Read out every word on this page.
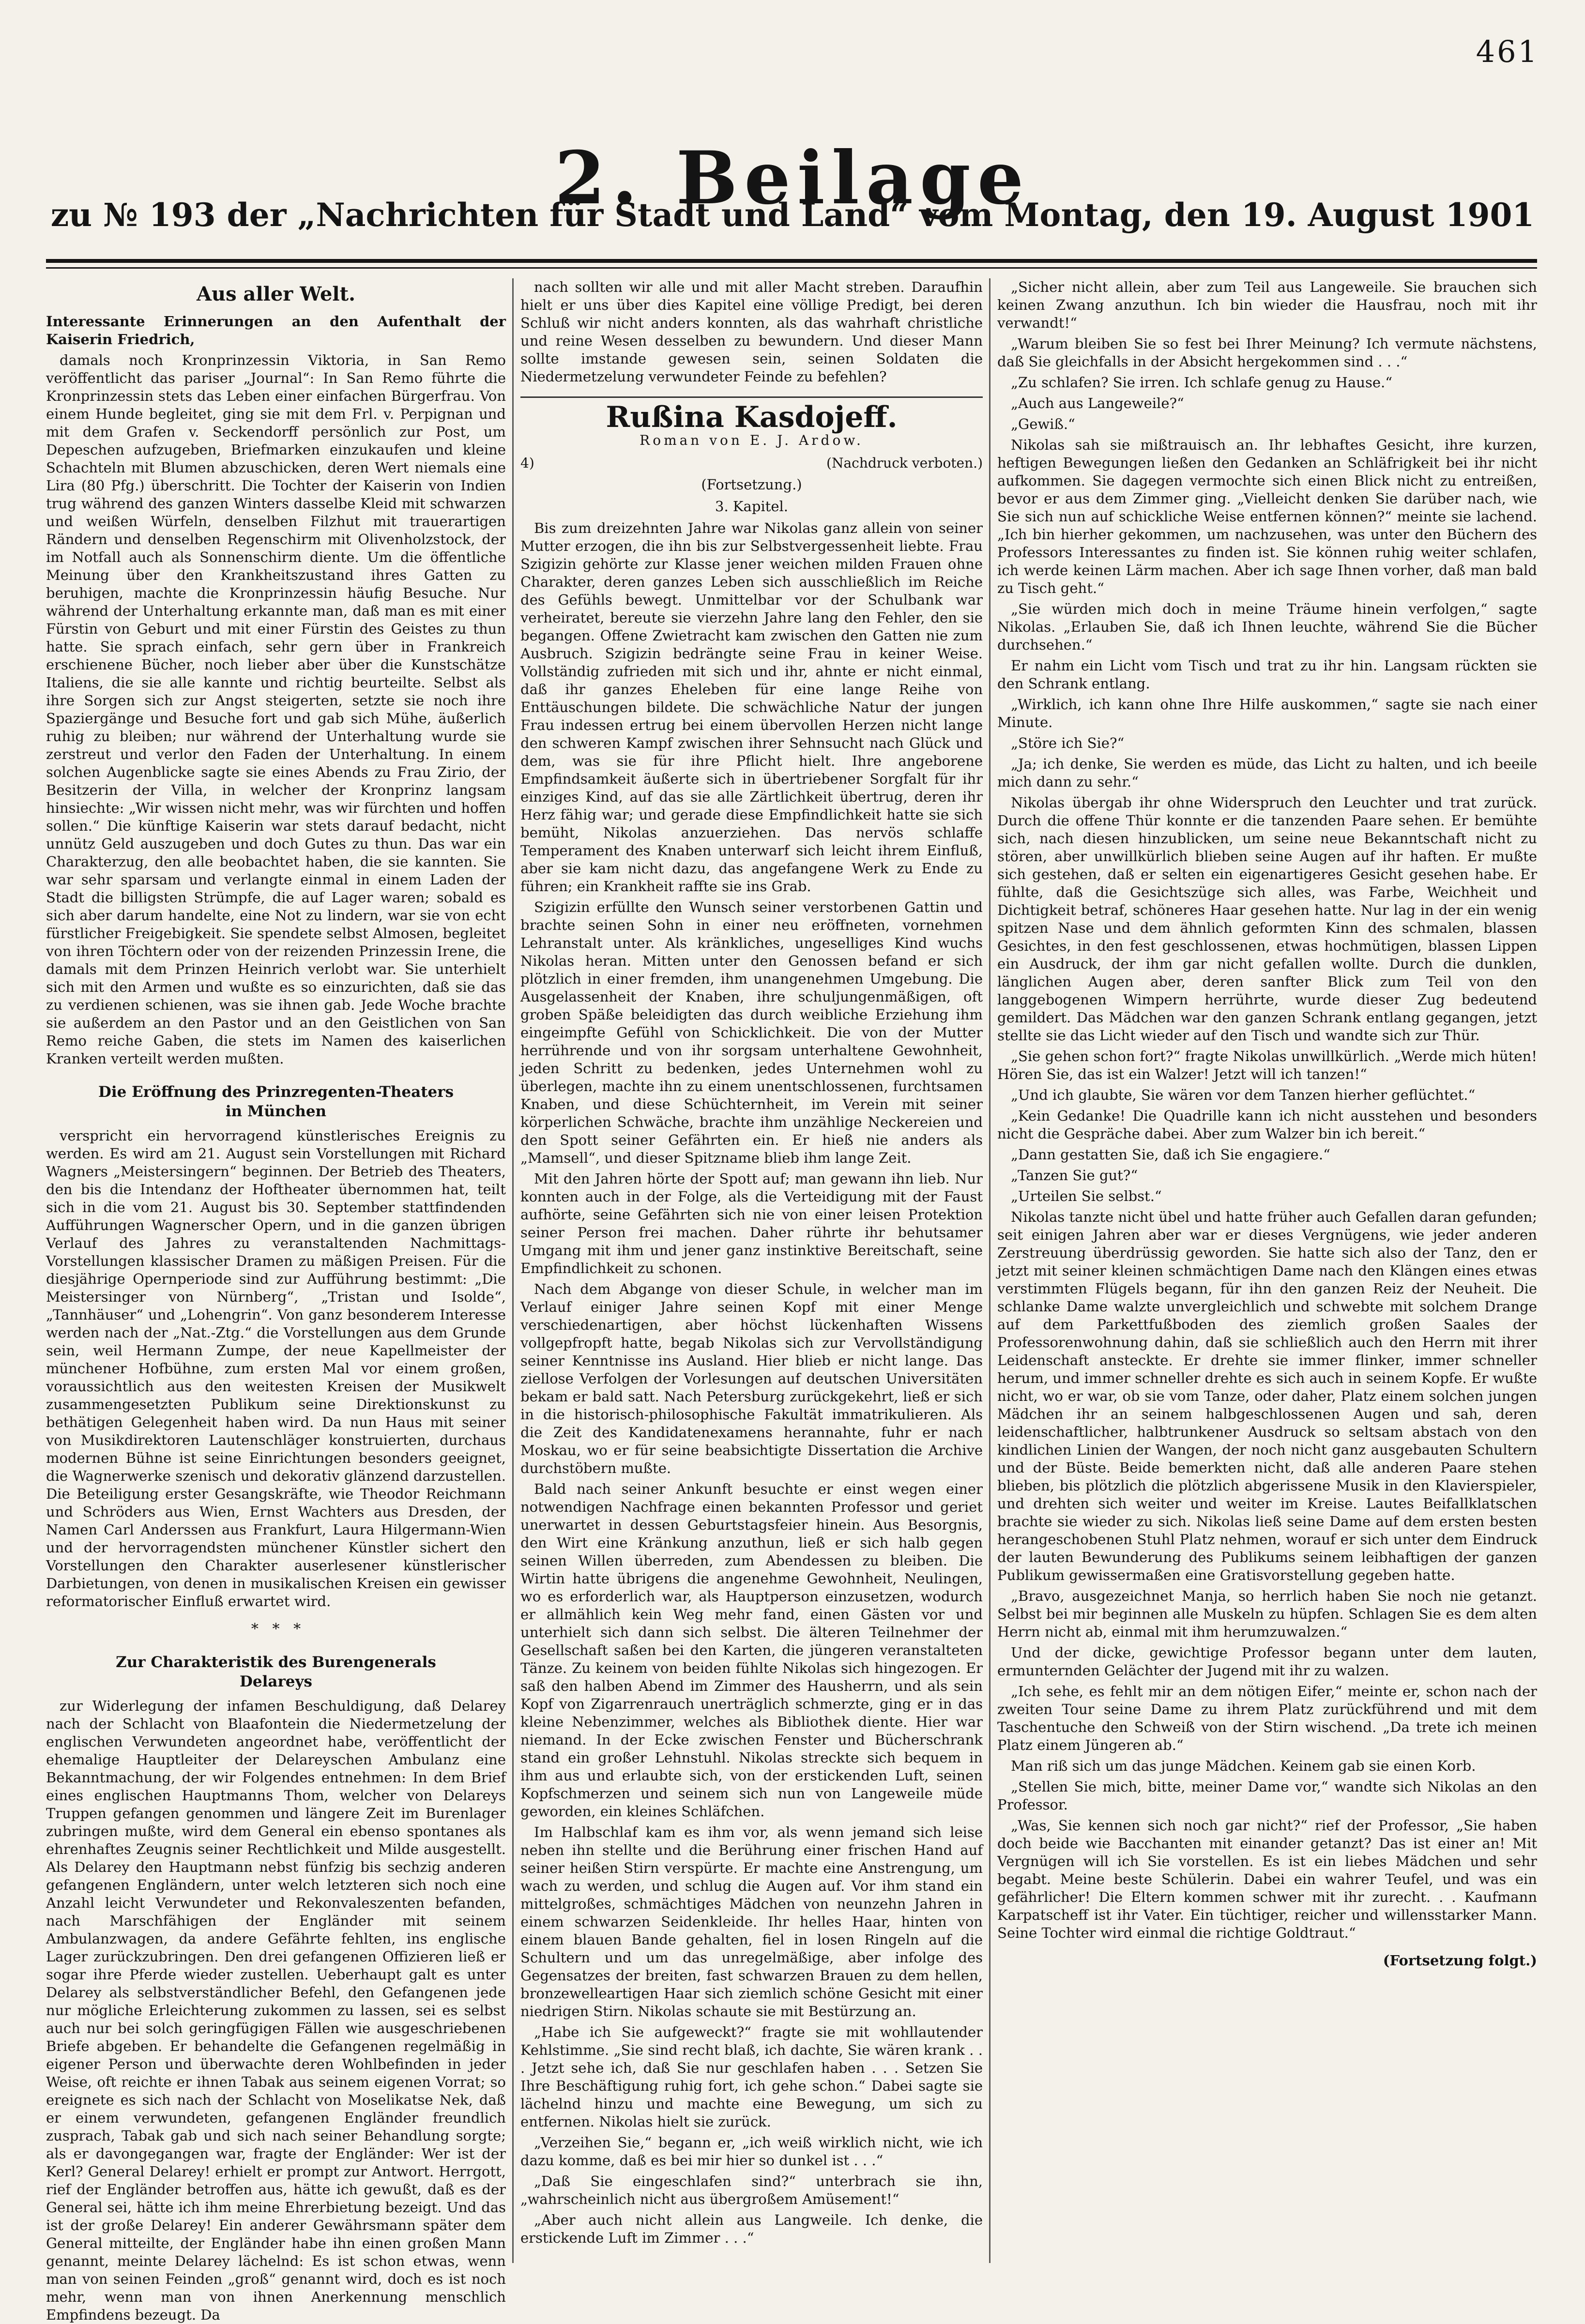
461
2. Beilage
zu № 193 der „Nachrichten für Stadt und Land“ vom Montag, den 19. August 1901
Aus aller Welt.

Interessante Erinnerungen an den Aufenthalt der Kaiserin Friedrich,

damals noch Kronprinzessin Viktoria, in San Remo veröffentlicht das pariser „Journal“: In San Remo führte die Kronprinzessin stets das Leben einer einfachen Bürgerfrau. Von einem Hunde begleitet, ging sie mit dem Frl. v. Perpignan und mit dem Grafen v. Seckendorff persönlich zur Post, um Depeschen aufzugeben, Briefmarken einzukaufen und kleine Schachteln mit Blumen abzuschicken, deren Wert niemals eine Lira (80 Pfg.) überschritt. Die Tochter der Kaiserin von Indien trug während des ganzen Winters dasselbe Kleid mit schwarzen und weißen Würfeln, denselben Filzhut mit trauerartigen Rändern und denselben Regenschirm mit Olivenholzstock, der im Notfall auch als Sonnenschirm diente. Um die öffentliche Meinung über den Krankheitszustand ihres Gatten zu beruhigen, machte die Kronprinzessin häufig Besuche. Nur während der Unterhaltung erkannte man, daß man es mit einer Fürstin von Geburt und mit einer Fürstin des Geistes zu thun hatte. Sie sprach einfach, sehr gern über in Frankreich erschienene Bücher, noch lieber aber über die Kunstschätze Italiens, die sie alle kannte und richtig beurteilte. Selbst als ihre Sorgen sich zur Angst steigerten, setzte sie noch ihre Spaziergänge und Besuche fort und gab sich Mühe, äußerlich ruhig zu bleiben; nur während der Unterhaltung wurde sie zerstreut und verlor den Faden der Unterhaltung. In einem solchen Augenblicke sagte sie eines Abends zu Frau Zirio, der Besitzerin der Villa, in welcher der Kronprinz langsam hinsiechte: „Wir wissen nicht mehr, was wir fürchten und hoffen sollen.“ Die künftige Kaiserin war stets darauf bedacht, nicht unnütz Geld auszugeben und doch Gutes zu thun. Das war ein Charakterzug, den alle beobachtet haben, die sie kannten. Sie war sehr sparsam und verlangte einmal in einem Laden der Stadt die billigsten Strümpfe, die auf Lager waren; sobald es sich aber darum handelte, eine Not zu lindern, war sie von echt fürstlicher Freigebigkeit. Sie spendete selbst Almosen, begleitet von ihren Töchtern oder von der reizenden Prinzessin Irene, die damals mit dem Prinzen Heinrich verlobt war. Sie unterhielt sich mit den Armen und wußte es so einzurichten, daß sie das zu verdienen schienen, was sie ihnen gab. Jede Woche brachte sie außerdem an den Pastor und an den Geistlichen von San Remo reiche Gaben, die stets im Namen des kaiserlichen Kranken verteilt werden mußten.

Die Eröffnung des Prinzregenten-Theaters
in München

verspricht ein hervorragend künstlerisches Ereignis zu werden. Es wird am 21. August sein Vorstellungen mit Richard Wagners „Meistersingern“ beginnen. Der Betrieb des Theaters, den bis die Intendanz der Hoftheater übernommen hat, teilt sich in die vom 21. August bis 30. September stattfindenden Aufführungen Wagnerscher Opern, und in die ganzen übrigen Verlauf des Jahres zu veranstaltenden Nachmittags-Vorstellungen klassischer Dramen zu mäßigen Preisen. Für die diesjährige Opernperiode sind zur Aufführung bestimmt: „Die Meistersinger von Nürnberg“, „Tristan und Isolde“, „Tannhäuser“ und „Lohengrin“. Von ganz besonderem Interesse werden nach der „Nat.-Ztg.“ die Vorstellungen aus dem Grunde sein, weil Hermann Zumpe, der neue Kapellmeister der münchener Hofbühne, zum ersten Mal vor einem großen, voraussichtlich aus den weitesten Kreisen der Musikwelt zusammengesetzten Publikum seine Direktionskunst zu bethätigen Gelegenheit haben wird. Da nun Haus mit seiner von Musikdirektoren Lautenschläger konstruierten, durchaus modernen Bühne ist seine Einrichtungen besonders geeignet, die Wagnerwerke szenisch und dekorativ glänzend darzustellen. Die Beteiligung erster Gesangskräfte, wie Theodor Reichmann und Schröders aus Wien, Ernst Wachters aus Dresden, der Namen Carl Anderssen aus Frankfurt, Laura Hilgermann-Wien und der hervorragendsten münchener Künstler sichert den Vorstellungen den Charakter auserlesener künstlerischer Darbietungen, von denen in musikalischen Kreisen ein gewisser reformatorischer Einfluß erwartet wird.

*   *   *
Zur Charakteristik des Burengenerals
Delareys

zur Widerlegung der infamen Beschuldigung, daß Delarey nach der Schlacht von Blaafontein die Niedermetzelung der englischen Verwundeten angeordnet habe, veröffentlicht der ehemalige Hauptleiter der Delareyschen Ambulanz eine Bekanntmachung, der wir Folgendes entnehmen: In dem Brief eines englischen Hauptmanns Thom, welcher von Delareys Truppen gefangen genommen und längere Zeit im Burenlager zubringen mußte, wird dem General ein ebenso spontanes als ehrenhaftes Zeugnis seiner Rechtlichkeit und Milde ausgestellt. Als Delarey den Hauptmann nebst fünfzig bis sechzig anderen gefangenen Engländern, unter welch letzteren sich noch eine Anzahl leicht Verwundeter und Rekonvaleszenten befanden, nach Marschfähigen der Engländer mit seinem Ambulanzwagen, da andere Gefährte fehlten, ins englische Lager zurückzubringen. Den drei gefangenen Offizieren ließ er sogar ihre Pferde wieder zustellen. Ueberhaupt galt es unter Delarey als selbstverständlicher Befehl, den Gefangenen jede nur mögliche Erleichterung zukommen zu lassen, sei es selbst auch nur bei solch geringfügigen Fällen wie ausgeschriebenen Briefe abgeben. Er behandelte die Gefangenen regelmäßig in eigener Person und überwachte deren Wohlbefinden in jeder Weise, oft reichte er ihnen Tabak aus seinem eigenen Vorrat; so ereignete es sich nach der Schlacht von Moselikatse Nek, daß er einem verwundeten, gefangenen Engländer freundlich zusprach, Tabak gab und sich nach seiner Behandlung sorgte; als er davongegangen war, fragte der Engländer: Wer ist der Kerl? General Delarey! erhielt er prompt zur Antwort. Herrgott, rief der Engländer betroffen aus, hätte ich gewußt, daß es der General sei, hätte ich ihm meine Ehrerbietung bezeigt. Und das ist der große Delarey! Ein anderer Gewährsmann später dem General mitteilte, der Engländer habe ihn einen großen Mann genannt, meinte Delarey lächelnd: Es ist schon etwas, wenn man von seinen Feinden „groß“ genannt wird, doch es ist noch mehr, wenn man von ihnen Anerkennung menschlich Empfindens bezeugt. Da

nach sollten wir alle und mit aller Macht streben. Daraufhin hielt er uns über dies Kapitel eine völlige Predigt, bei deren Schluß wir nicht anders konnten, als das wahrhaft christliche und reine Wesen desselben zu bewundern. Und dieser Mann sollte imstande gewesen sein, seinen Soldaten die Niedermetzelung verwundeter Feinde zu befehlen?

Rußina Kasdojeff.
Roman von E. J. Ardow.
4)	(Nachdruck verboten.)
(Fortsetzung.)
3. Kapitel.

Bis zum dreizehnten Jahre war Nikolas ganz allein von seiner Mutter erzogen, die ihn bis zur Selbstvergessenheit liebte. Frau Szigizin gehörte zur Klasse jener weichen milden Frauen ohne Charakter, deren ganzes Leben sich ausschließlich im Reiche des Gefühls bewegt. Unmittelbar vor der Schulbank war verheiratet, bereute sie vierzehn Jahre lang den Fehler, den sie begangen. Offene Zwietracht kam zwischen den Gatten nie zum Ausbruch. Szigizin bedrängte seine Frau in keiner Weise. Vollständig zufrieden mit sich und ihr, ahnte er nicht einmal, daß ihr ganzes Eheleben für eine lange Reihe von Enttäuschungen bildete. Die schwächliche Natur der jungen Frau indessen ertrug bei einem übervollen Herzen nicht lange den schweren Kampf zwischen ihrer Sehnsucht nach Glück und dem, was sie für ihre Pflicht hielt. Ihre angeborene Empfindsamkeit äußerte sich in übertriebener Sorgfalt für ihr einziges Kind, auf das sie alle Zärtlichkeit übertrug, deren ihr Herz fähig war; und gerade diese Empfindlichkeit hatte sie sich bemüht, Nikolas anzuerziehen. Das nervös schlaffe Temperament des Knaben unterwarf sich leicht ihrem Einfluß, aber sie kam nicht dazu, das angefangene Werk zu Ende zu führen; ein Krankheit raffte sie ins Grab.

Szigizin erfüllte den Wunsch seiner verstorbenen Gattin und brachte seinen Sohn in einer neu eröffneten, vornehmen Lehranstalt unter. Als kränkliches, ungeselliges Kind wuchs Nikolas heran. Mitten unter den Genossen befand er sich plötzlich in einer fremden, ihm unangenehmen Umgebung. Die Ausgelassenheit der Knaben, ihre schuljungenmäßigen, oft groben Späße beleidigten das durch weibliche Erziehung ihm eingeimpfte Gefühl von Schicklichkeit. Die von der Mutter herrührende und von ihr sorgsam unterhaltene Gewohnheit, jeden Schritt zu bedenken, jedes Unternehmen wohl zu überlegen, machte ihn zu einem unentschlossenen, furchtsamen Knaben, und diese Schüchternheit, im Verein mit seiner körperlichen Schwäche, brachte ihm unzählige Neckereien und den Spott seiner Gefährten ein. Er hieß nie anders als „Mamsell“, und dieser Spitzname blieb ihm lange Zeit.

Mit den Jahren hörte der Spott auf; man gewann ihn lieb. Nur konnten auch in der Folge, als die Verteidigung mit der Faust aufhörte, seine Gefährten sich nie von einer leisen Protektion seiner Person frei machen. Daher rührte ihr behutsamer Umgang mit ihm und jener ganz instinktive Bereitschaft, seine Empfindlichkeit zu schonen.

Nach dem Abgange von dieser Schule, in welcher man im Verlauf einiger Jahre seinen Kopf mit einer Menge verschiedenartigen, aber höchst lückenhaften Wissens vollgepfropft hatte, begab Nikolas sich zur Vervollständigung seiner Kenntnisse ins Ausland. Hier blieb er nicht lange. Das ziellose Verfolgen der Vorlesungen auf deutschen Universitäten bekam er bald satt. Nach Petersburg zurückgekehrt, ließ er sich in die historisch-philosophische Fakultät immatrikulieren. Als die Zeit des Kandidatenexamens herannahte, fuhr er nach Moskau, wo er für seine beabsichtigte Dissertation die Archive durchstöbern mußte.

Bald nach seiner Ankunft besuchte er einst wegen einer notwendigen Nachfrage einen bekannten Professor und geriet unerwartet in dessen Geburtstagsfeier hinein. Aus Besorgnis, den Wirt eine Kränkung anzuthun, ließ er sich halb gegen seinen Willen überreden, zum Abendessen zu bleiben. Die Wirtin hatte übrigens die angenehme Gewohnheit, Neulingen, wo es erforderlich war, als Hauptperson einzusetzen, wodurch er allmählich kein Weg mehr fand, einen Gästen vor und unterhielt sich dann sich selbst. Die älteren Teilnehmer der Gesellschaft saßen bei den Karten, die jüngeren veranstalteten Tänze. Zu keinem von beiden fühlte Nikolas sich hingezogen. Er saß den halben Abend im Zimmer des Hausherrn, und als sein Kopf von Zigarrenrauch unerträglich schmerzte, ging er in das kleine Nebenzimmer, welches als Bibliothek diente. Hier war niemand. In der Ecke zwischen Fenster und Bücherschrank stand ein großer Lehnstuhl. Nikolas streckte sich bequem in ihm aus und erlaubte sich, von der erstickenden Luft, seinen Kopfschmerzen und seinem sich nun von Langeweile müde geworden, ein kleines Schläfchen.

Im Halbschlaf kam es ihm vor, als wenn jemand sich leise neben ihn stellte und die Berührung einer frischen Hand auf seiner heißen Stirn verspürte. Er machte eine Anstrengung, um wach zu werden, und schlug die Augen auf. Vor ihm stand ein mittelgroßes, schmächtiges Mädchen von neunzehn Jahren in einem schwarzen Seidenkleide. Ihr helles Haar, hinten von einem blauen Bande gehalten, fiel in losen Ringeln auf die Schultern und um das unregelmäßige, aber infolge des Gegensatzes der breiten, fast schwarzen Brauen zu dem hellen, bronzewelleartigen Haar sich ziemlich schöne Gesicht mit einer niedrigen Stirn. Nikolas schaute sie mit Bestürzung an.

„Habe ich Sie aufgeweckt?“ fragte sie mit wohllautender Kehlstimme. „Sie sind recht blaß, ich dachte, Sie wären krank . . . Jetzt sehe ich, daß Sie nur geschlafen haben . . . Setzen Sie Ihre Beschäftigung ruhig fort, ich gehe schon.“ Dabei sagte sie lächelnd hinzu und machte eine Bewegung, um sich zu entfernen. Nikolas hielt sie zurück.

„Verzeihen Sie,“ begann er, „ich weiß wirklich nicht, wie ich dazu komme, daß es bei mir hier so dunkel ist . . .“

„Daß Sie eingeschlafen sind?“ unterbrach sie ihn, „wahrscheinlich nicht aus übergroßem Amüsement!“

„Aber auch nicht allein aus Langweile. Ich denke, die erstickende Luft im Zimmer . . .“

„Sicher nicht allein, aber zum Teil aus Langeweile. Sie brauchen sich keinen Zwang anzuthun. Ich bin wieder die Hausfrau, noch mit ihr verwandt!“

„Warum bleiben Sie so fest bei Ihrer Meinung? Ich vermute nächstens, daß Sie gleichfalls in der Absicht hergekommen sind . . .“

„Zu schlafen? Sie irren. Ich schlafe genug zu Hause.“

„Auch aus Langeweile?“

„Gewiß.“

Nikolas sah sie mißtrauisch an. Ihr lebhaftes Gesicht, ihre kurzen, heftigen Bewegungen ließen den Gedanken an Schläfrigkeit bei ihr nicht aufkommen. Sie dagegen vermochte sich einen Blick nicht zu entreißen, bevor er aus dem Zimmer ging. „Vielleicht denken Sie darüber nach, wie Sie sich nun auf schickliche Weise entfernen können?“ meinte sie lachend. „Ich bin hierher gekommen, um nachzusehen, was unter den Büchern des Professors Interessantes zu finden ist. Sie können ruhig weiter schlafen, ich werde keinen Lärm machen. Aber ich sage Ihnen vorher, daß man bald zu Tisch geht.“

„Sie würden mich doch in meine Träume hinein verfolgen,“ sagte Nikolas. „Erlauben Sie, daß ich Ihnen leuchte, während Sie die Bücher durchsehen.“

Er nahm ein Licht vom Tisch und trat zu ihr hin. Langsam rückten sie den Schrank entlang.

„Wirklich, ich kann ohne Ihre Hilfe auskommen,“ sagte sie nach einer Minute.

„Störe ich Sie?“

„Ja; ich denke, Sie werden es müde, das Licht zu halten, und ich beeile mich dann zu sehr.“

Nikolas übergab ihr ohne Widerspruch den Leuchter und trat zurück. Durch die offene Thür konnte er die tanzenden Paare sehen. Er bemühte sich, nach diesen hinzublicken, um seine neue Bekanntschaft nicht zu stören, aber unwillkürlich blieben seine Augen auf ihr haften. Er mußte sich gestehen, daß er selten ein eigenartigeres Gesicht gesehen habe. Er fühlte, daß die Gesichtszüge sich alles, was Farbe, Weichheit und Dichtigkeit betraf, schöneres Haar gesehen hatte. Nur lag in der ein wenig spitzen Nase und dem ähnlich geformten Kinn des schmalen, blassen Gesichtes, in den fest geschlossenen, etwas hochmütigen, blassen Lippen ein Ausdruck, der ihm gar nicht gefallen wollte. Durch die dunklen, länglichen Augen aber, deren sanfter Blick zum Teil von den langgebogenen Wimpern herrührte, wurde dieser Zug bedeutend gemildert. Das Mädchen war den ganzen Schrank entlang gegangen, jetzt stellte sie das Licht wieder auf den Tisch und wandte sich zur Thür.

„Sie gehen schon fort?“ fragte Nikolas unwillkürlich. „Werde mich hüten! Hören Sie, das ist ein Walzer! Jetzt will ich tanzen!“

„Und ich glaubte, Sie wären vor dem Tanzen hierher geflüchtet.“

„Kein Gedanke! Die Quadrille kann ich nicht ausstehen und besonders nicht die Gespräche dabei. Aber zum Walzer bin ich bereit.“

„Dann gestatten Sie, daß ich Sie engagiere.“

„Tanzen Sie gut?“

„Urteilen Sie selbst.“

Nikolas tanzte nicht übel und hatte früher auch Gefallen daran gefunden; seit einigen Jahren aber war er dieses Vergnügens, wie jeder anderen Zerstreuung überdrüssig geworden. Sie hatte sich also der Tanz, den er jetzt mit seiner kleinen schmächtigen Dame nach den Klängen eines etwas verstimmten Flügels begann, für ihn den ganzen Reiz der Neuheit. Die schlanke Dame walzte unvergleichlich und schwebte mit solchem Drange auf dem Parkettfußboden des ziemlich großen Saales der Professorenwohnung dahin, daß sie schließlich auch den Herrn mit ihrer Leidenschaft ansteckte. Er drehte sie immer flinker, immer schneller herum, und immer schneller drehte es sich auch in seinem Kopfe. Er wußte nicht, wo er war, ob sie vom Tanze, oder daher, Platz einem solchen jungen Mädchen ihr an seinem halbgeschlossenen Augen und sah, deren leidenschaftlicher, halbtrunkener Ausdruck so seltsam abstach von den kindlichen Linien der Wangen, der noch nicht ganz ausgebauten Schultern und der Büste. Beide bemerkten nicht, daß alle anderen Paare stehen blieben, bis plötzlich die plötzlich abgerissene Musik in den Klavierspieler, und drehten sich weiter und weiter im Kreise. Lautes Beifallklatschen brachte sie wieder zu sich. Nikolas ließ seine Dame auf dem ersten besten herangeschobenen Stuhl Platz nehmen, worauf er sich unter dem Eindruck der lauten Bewunderung des Publikums seinem leibhaftigen der ganzen Publikum gewissermaßen eine Gratisvorstellung gegeben hatte.

„Bravo, ausgezeichnet Manja, so herrlich haben Sie noch nie getanzt. Selbst bei mir beginnen alle Muskeln zu hüpfen. Schlagen Sie es dem alten Herrn nicht ab, einmal mit ihm herumzuwalzen.“

Und der dicke, gewichtige Professor begann unter dem lauten, ermunternden Gelächter der Jugend mit ihr zu walzen.

„Ich sehe, es fehlt mir an dem nötigen Eifer,“ meinte er, schon nach der zweiten Tour seine Dame zu ihrem Platz zurückführend und mit dem Taschentuche den Schweiß von der Stirn wischend. „Da trete ich meinen Platz einem Jüngeren ab.“

Man riß sich um das junge Mädchen. Keinem gab sie einen Korb.

„Stellen Sie mich, bitte, meiner Dame vor,“ wandte sich Nikolas an den Professor.

„Was, Sie kennen sich noch gar nicht?“ rief der Professor, „Sie haben doch beide wie Bacchanten mit einander getanzt? Das ist einer an! Mit Vergnügen will ich Sie vorstellen. Es ist ein liebes Mädchen und sehr begabt. Meine beste Schülerin. Dabei ein wahrer Teufel, und was ein gefährlicher! Die Eltern kommen schwer mit ihr zurecht. . . Kaufmann Karpatscheff ist ihr Vater. Ein tüchtiger, reicher und willensstarker Mann. Seine Tochter wird einmal die richtige Goldtraut.“

(Fortsetzung folgt.)
